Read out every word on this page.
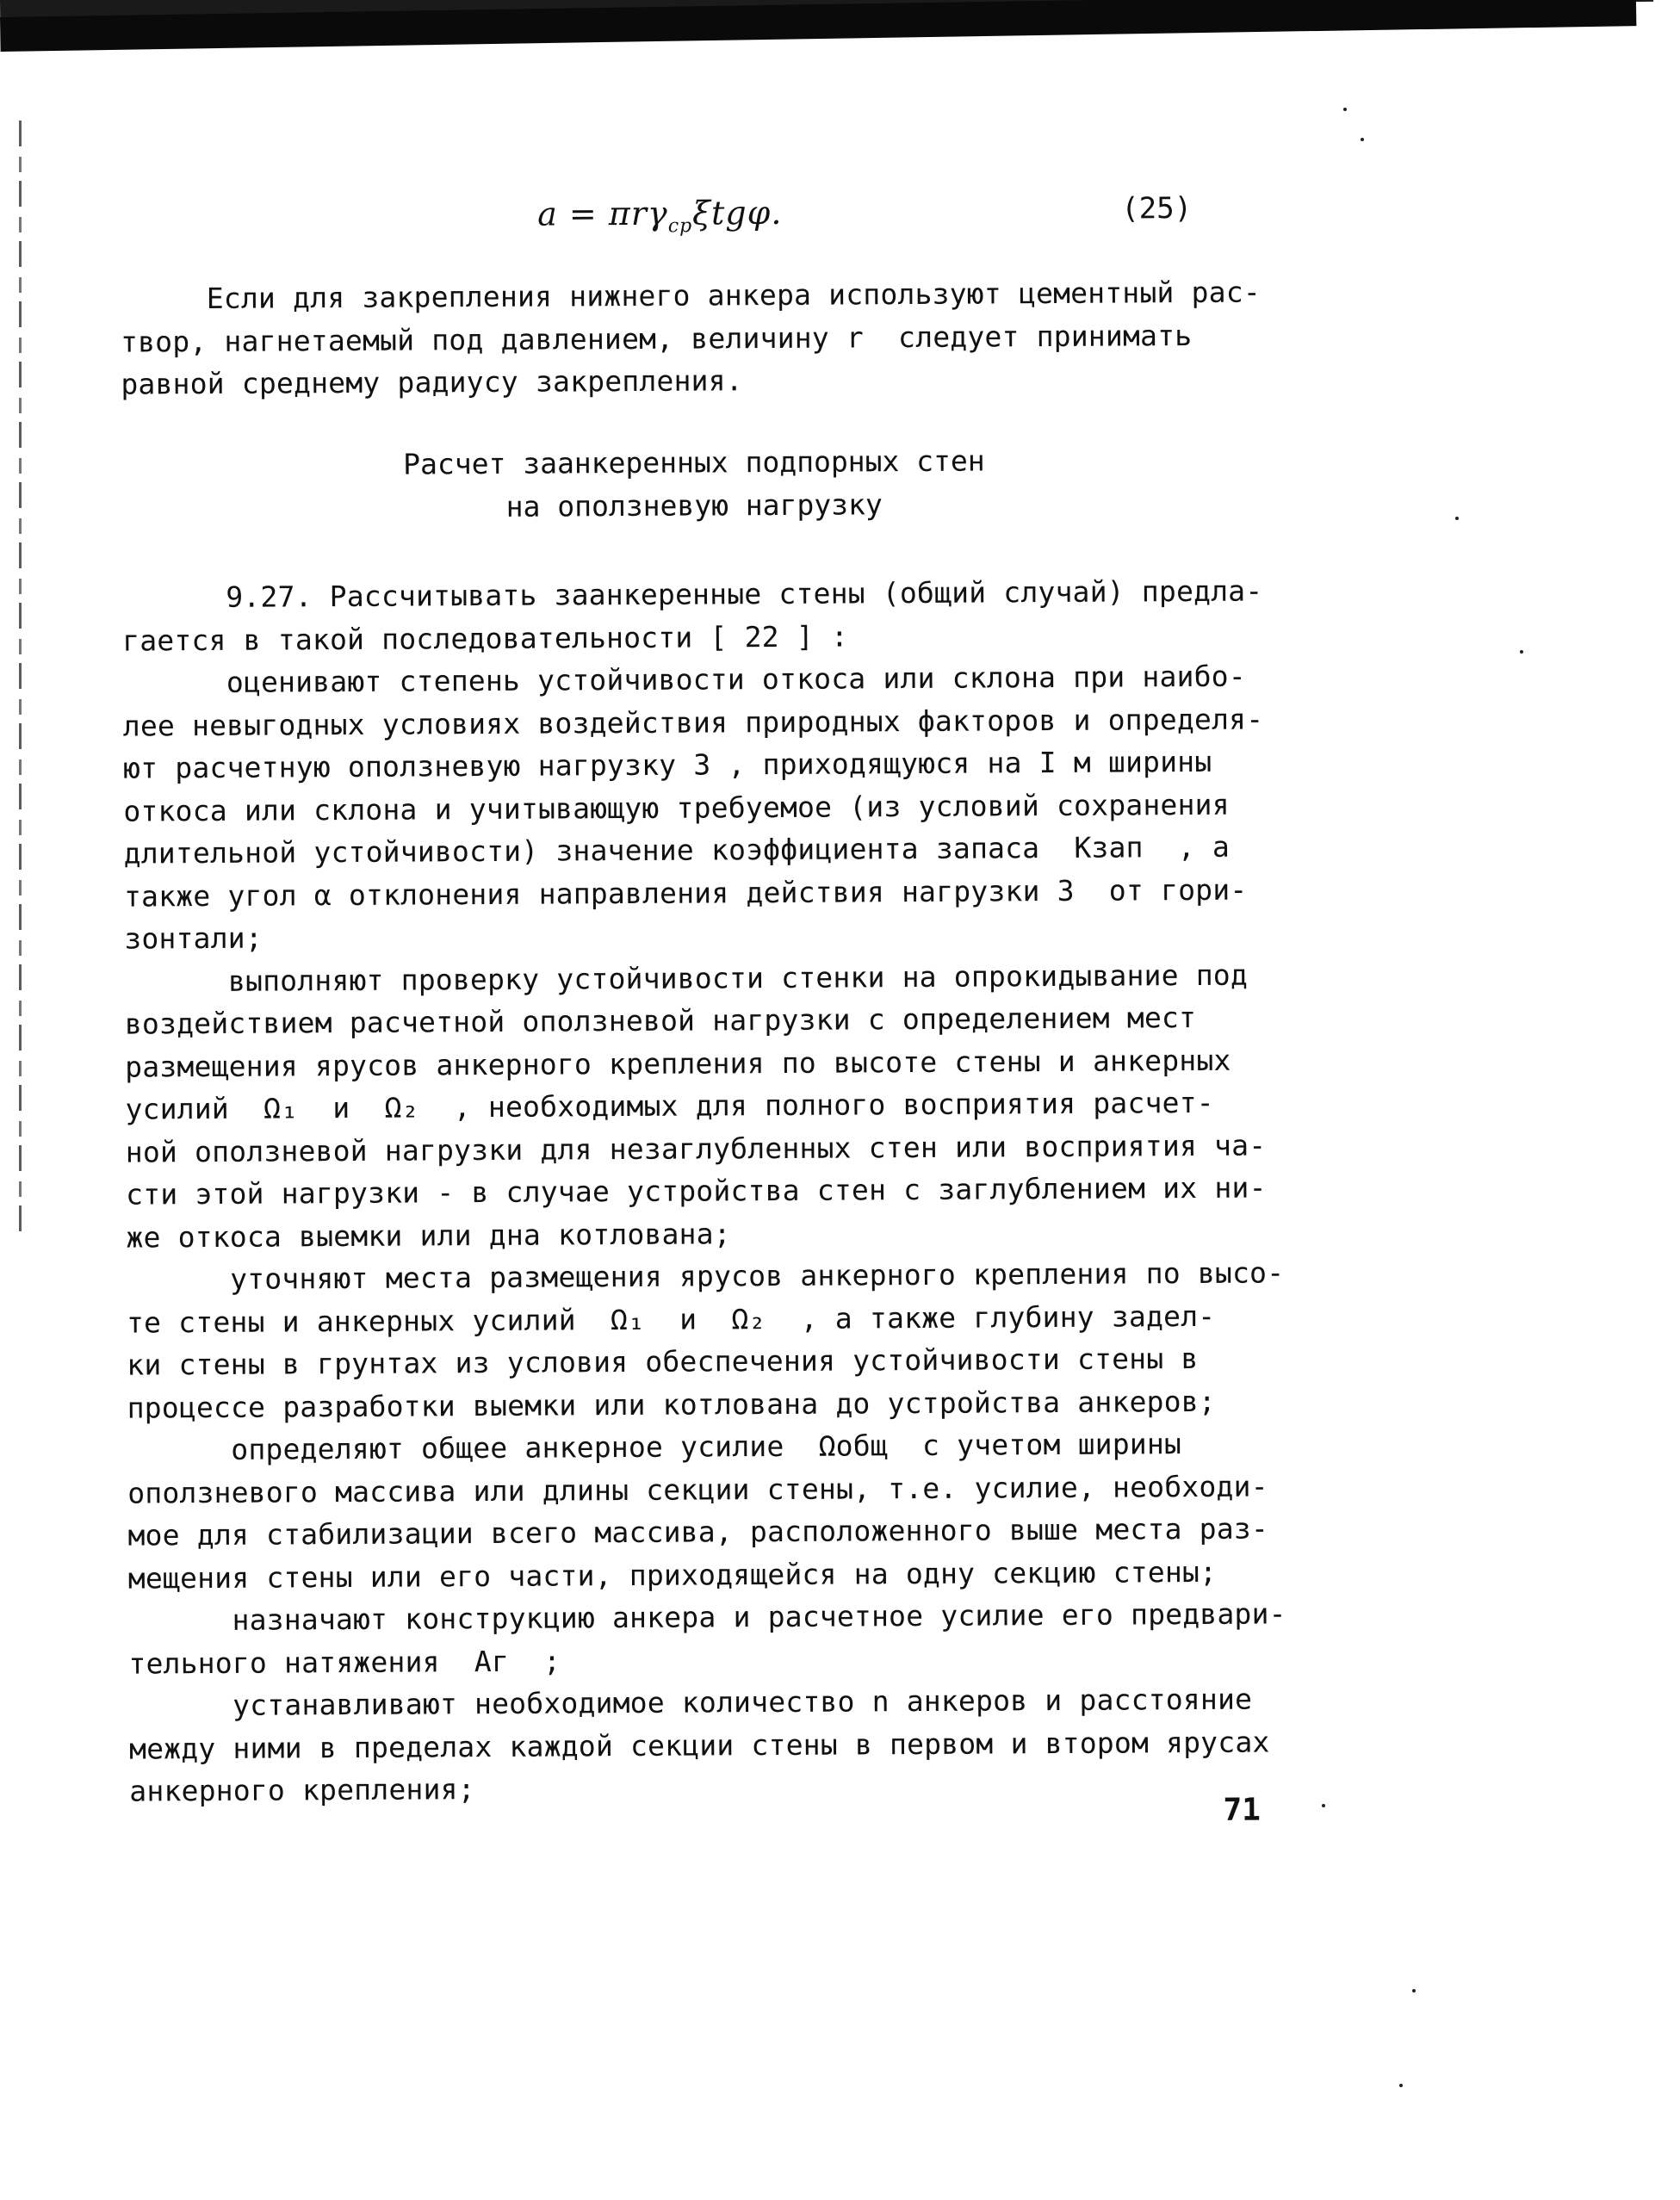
a = πrγ$_{ср}$ξtgφ.	(25)
Если для закрепления нижнего анкера используют цементный рас-
твор, нагнетаемый под давлением, величину r  следует принимать
равной среднему радиусу закрепления.
Расчет заанкеренных подпорных стен
на оползневую нагрузку
9.27. Рассчитывать заанкеренные стены (общий случай) предла-
гается в такой последовательности [ 22 ] :
оценивают степень устойчивости откоса или склона при наибо-
лее невыгодных условиях воздействия природных факторов и определя-
ют расчетную оползневую нагрузку З , приходящуюся на I м ширины
откоса или склона и учитывающую требуемое (из условий сохранения
длительной устойчивости) значение коэффициента запаса  Kзап  , а
также угол α отклонения направления действия нагрузки З  от гори-
зонтали;
выполняют проверку устойчивости стенки на опрокидывание под
воздействием расчетной оползневой нагрузки с определением мест
размещения ярусов анкерного крепления по высоте стены и анкерных
усилий  Ω₁  и  Ω₂  , необходимых для полного восприятия расчет-
ной оползневой нагрузки для незаглубленных стен или восприятия ча-
сти этой нагрузки - в случае устройства стен с заглублением их ни-
же откоса выемки или дна котлована;
уточняют места размещения ярусов анкерного крепления по высо-
те стены и анкерных усилий  Ω₁  и  Ω₂  , а также глубину задел-
ки стены в грунтах из условия обеспечения устойчивости стены в
процессе разработки выемки или котлована до устройства анкеров;
определяют общее анкерное усилие  Ωобщ  с учетом ширины
оползневого массива или длины секции стены, т.е. усилие, необходи-
мое для стабилизации всего массива, расположенного выше места раз-
мещения стены или его части, приходящейся на одну секцию стены;
назначают конструкцию анкера и расчетное усилие его предвари-
тельного натяжения  Aг  ;
устанавливают необходимое количество n анкеров и расстояние
между ними в пределах каждой секции стены в первом и втором ярусах
анкерного крепления;
71
